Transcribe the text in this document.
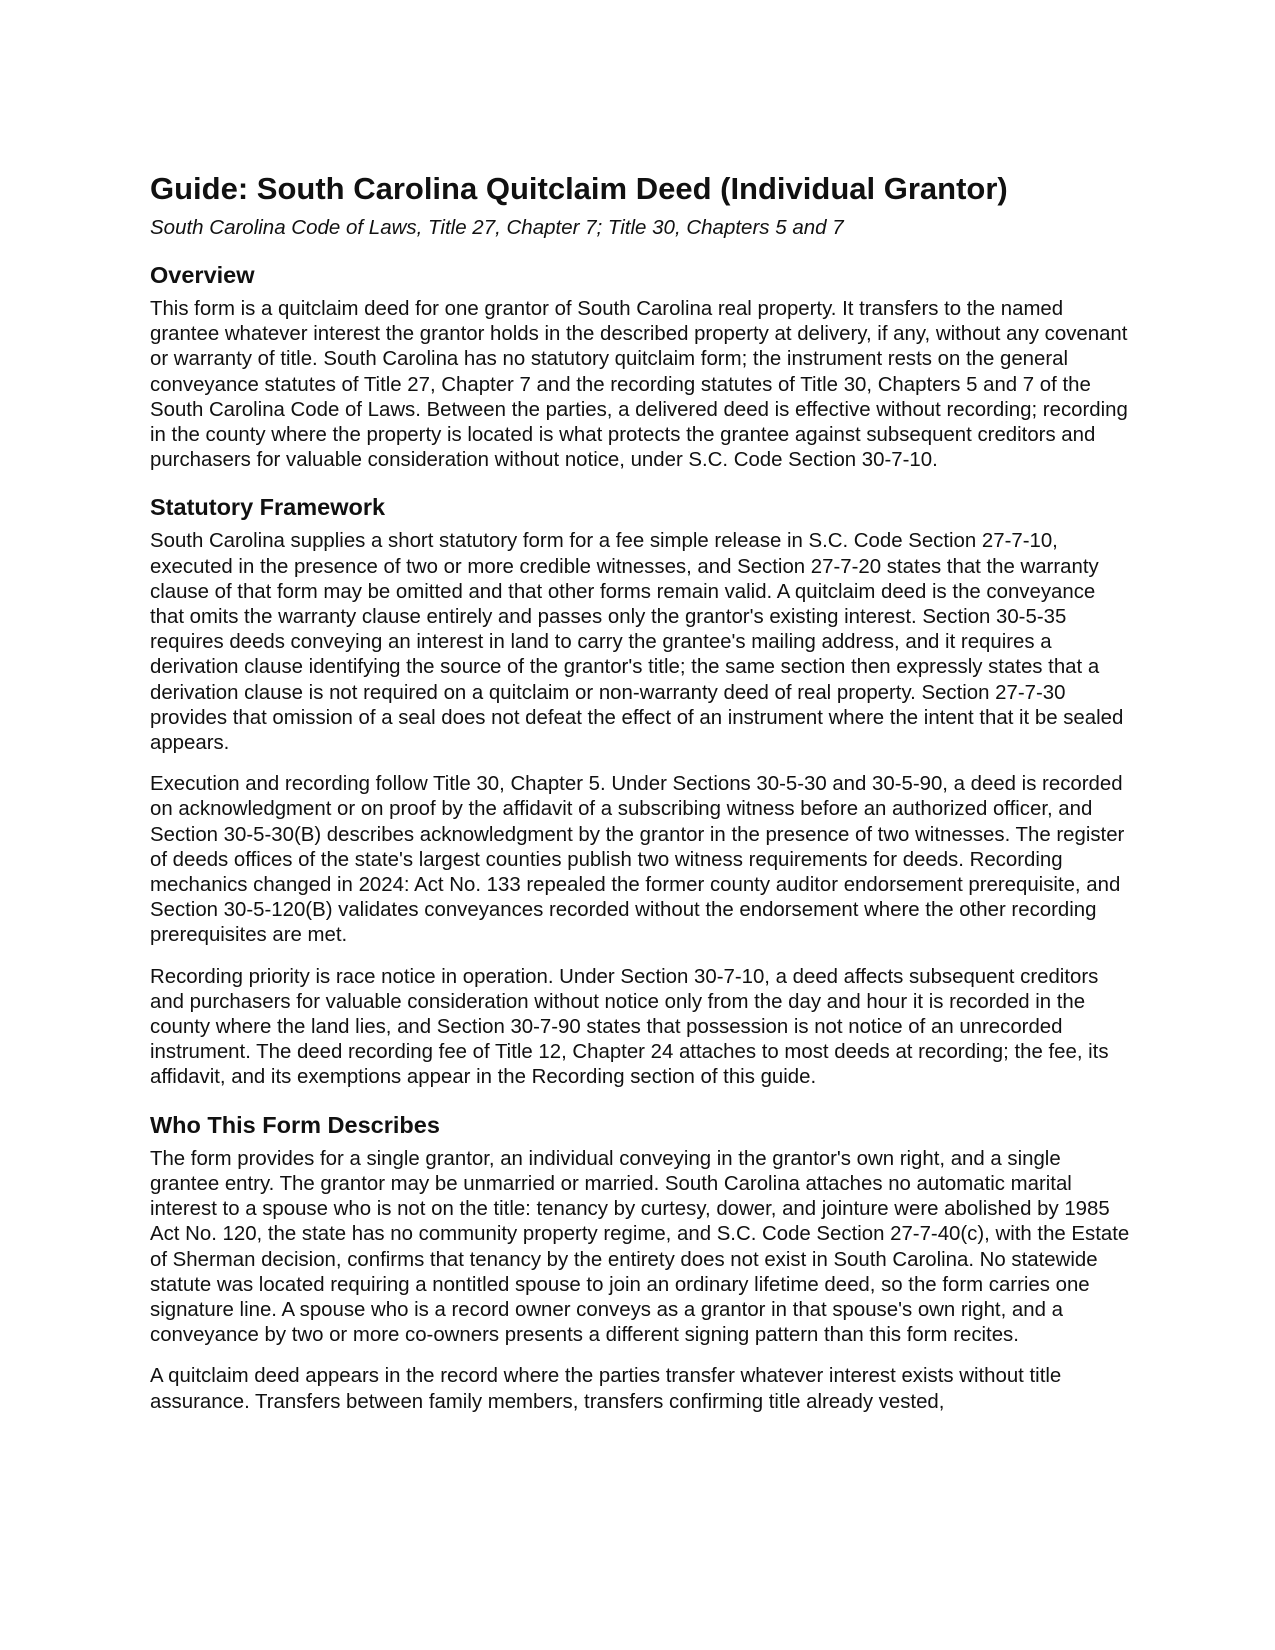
Guide: South Carolina Quitclaim Deed (Individual Grantor)
South Carolina Code of Laws, Title 27, Chapter 7; Title 30, Chapters 5 and 7
Overview

This form is a quitclaim deed for one grantor of South Carolina real property. It transfers to the named grantee whatever interest the grantor holds in the described property at delivery, if any, without any covenant or warranty of title. South Carolina has no statutory quitclaim form; the instrument rests on the general conveyance statutes of Title 27, Chapter 7 and the recording statutes of Title 30, Chapters 5 and 7 of the South Carolina Code of Laws. Between the parties, a delivered deed is effective without recording; recording in the county where the property is located is what protects the grantee against subsequent creditors and purchasers for valuable consideration without notice, under S.C. Code Section 30-7-10.

Statutory Framework

South Carolina supplies a short statutory form for a fee simple release in S.C. Code Section 27-7-10, executed in the presence of two or more credible witnesses, and Section 27-7-20 states that the warranty clause of that form may be omitted and that other forms remain valid. A quitclaim deed is the conveyance that omits the warranty clause entirely and passes only the grantor's existing interest. Section 30-5-35 requires deeds conveying an interest in land to carry the grantee's mailing address, and it requires a derivation clause identifying the source of the grantor's title; the same section then expressly states that a derivation clause is not required on a quitclaim or non-warranty deed of real property. Section 27-7-30 provides that omission of a seal does not defeat the effect of an instrument where the intent that it be sealed appears.

Execution and recording follow Title 30, Chapter 5. Under Sections 30-5-30 and 30-5-90, a deed is recorded on acknowledgment or on proof by the affidavit of a subscribing witness before an authorized officer, and Section 30-5-30(B) describes acknowledgment by the grantor in the presence of two witnesses. The register of deeds offices of the state's largest counties publish two witness requirements for deeds. Recording mechanics changed in 2024: Act No. 133 repealed the former county auditor endorsement prerequisite, and Section 30-5-120(B) validates conveyances recorded without the endorsement where the other recording prerequisites are met.

Recording priority is race notice in operation. Under Section 30-7-10, a deed affects subsequent creditors and purchasers for valuable consideration without notice only from the day and hour it is recorded in the county where the land lies, and Section 30-7-90 states that possession is not notice of an unrecorded instrument. The deed recording fee of Title 12, Chapter 24 attaches to most deeds at recording; the fee, its affidavit, and its exemptions appear in the Recording section of this guide.

Who This Form Describes

The form provides for a single grantor, an individual conveying in the grantor's own right, and a single grantee entry. The grantor may be unmarried or married. South Carolina attaches no automatic marital interest to a spouse who is not on the title: tenancy by curtesy, dower, and jointure were abolished by 1985 Act No. 120, the state has no community property regime, and S.C. Code Section 27-7-40(c), with the Estate of Sherman decision, confirms that tenancy by the entirety does not exist in South Carolina. No statewide statute was located requiring a nontitled spouse to join an ordinary lifetime deed, so the form carries one signature line. A spouse who is a record owner conveys as a grantor in that spouse's own right, and a conveyance by two or more co-owners presents a different signing pattern than this form recites.

A quitclaim deed appears in the record where the parties transfer whatever interest exists without title assurance. Transfers between family members, transfers confirming title already vested,
